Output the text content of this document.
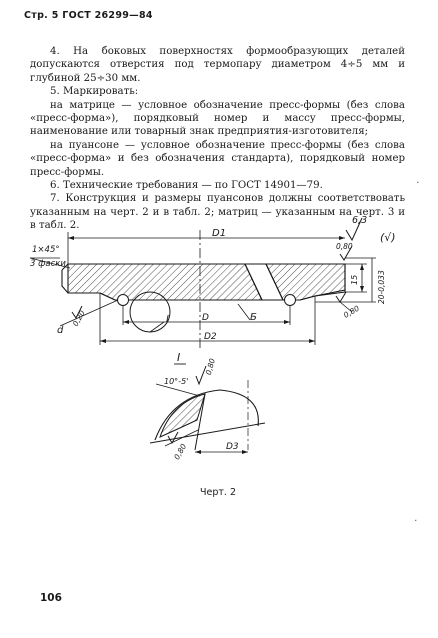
Стр. 5 ГОСТ 26299—84

4. На боковых поверхностях формообразующих деталей допускаются отверстия под термопару диаметром 4÷5 мм и глубиной 25÷30 мм.

5. Маркировать:

на матрице — условное обозначение пресс-формы (без слова «пресс-форма»), порядковый номер и массу пресс-формы, наименование или товарный знак предприятия-изготовителя;

на пуансоне — условное обозначение пресс-формы (без слова «пресс-форма» и без обозначения стандарта), порядковый номер пресс-формы.

6. Технические требования — по ГОСТ 14901—79.

7. Конструкция и размеры пуансонов должны соответствовать указанным на черт. 2 и в табл. 2; матриц — указанным на черт. 3 и в табл. 2.

1×45°
3 фаски
D1
6,3
(√)
0,80
15 20-0,033
0,80
d
0,20	I	Б
D
D2
I
10°-5'
0,80
D3
0,80
·
·
Черт. 2
106
